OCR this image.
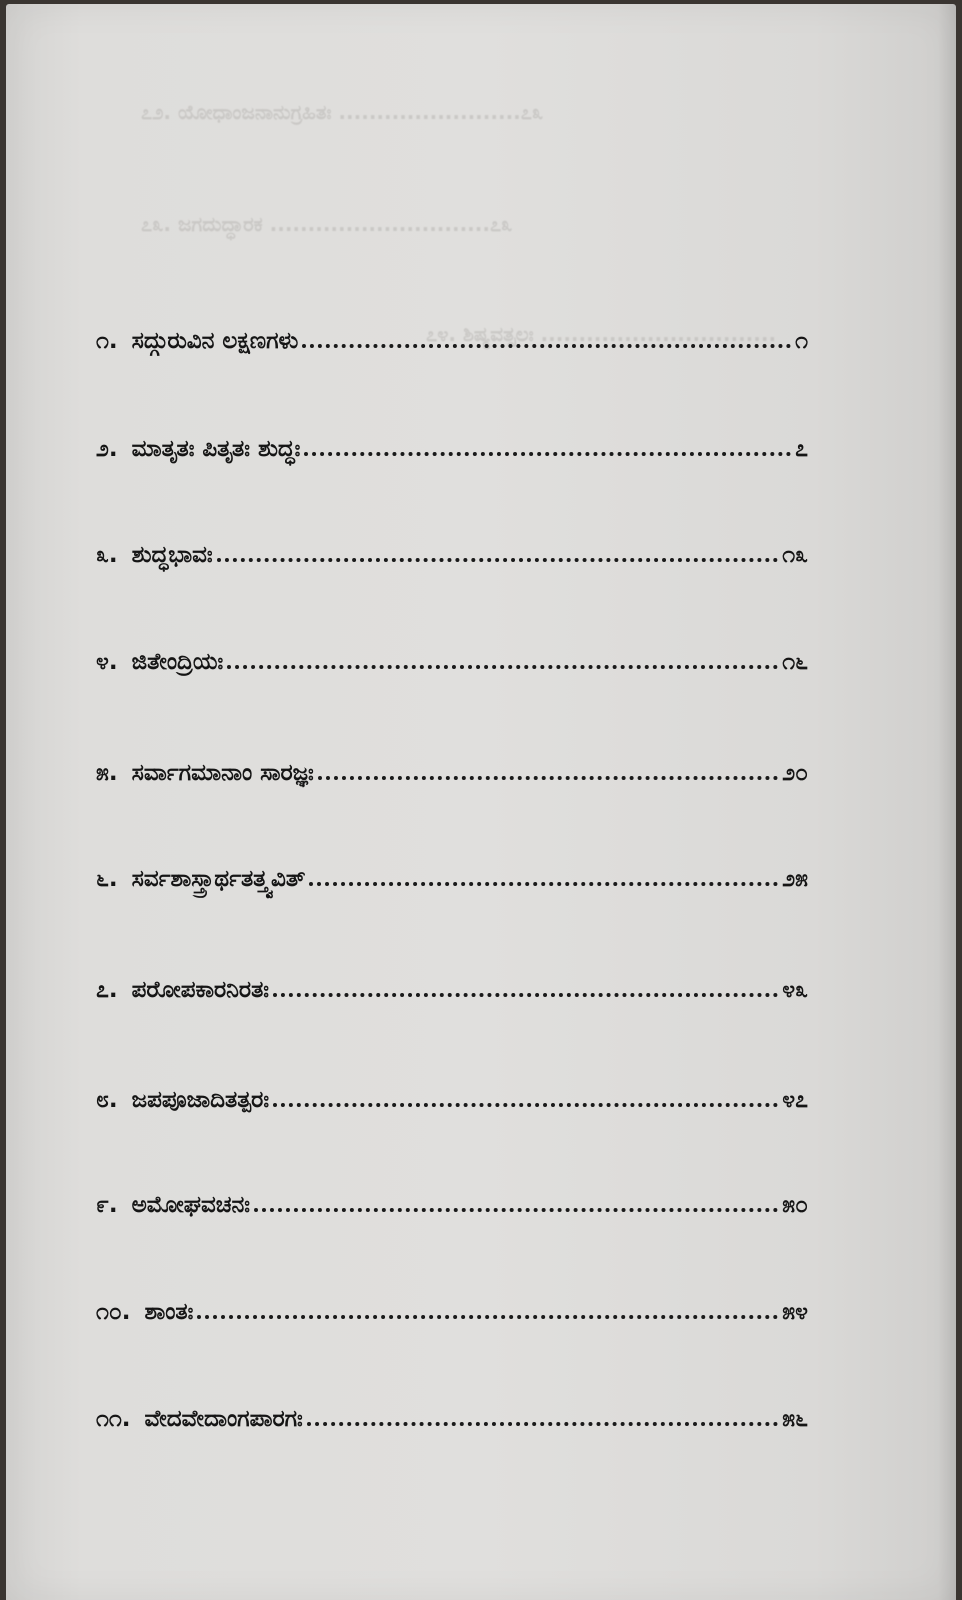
೭೨. ಯೋಧಾಂಜನಾನುಗ್ರಹಿತಃ ........................೭೩
೭೩. ಜಗದುದ್ಧಾರಕ .............................೭೩
೭೪. ಶಿಷ್ಯವತ್ಸಲಃ ...............................
೧. ಸದ್ಗುರುವಿನ ಲಕ್ಷಣಗಳು	೧
೨. ಮಾತೃತಃ ಪಿತೃತಃ ಶುದ್ಧಃ	೭
೩. ಶುದ್ಧಭಾವಃ	೧೩
೪. ಜಿತೇಂದ್ರಿಯಃ	೧೬
೫. ಸರ್ವಾಗಮಾನಾಂ ಸಾರಜ್ಞಃ	೨೦
೬. ಸರ್ವಶಾಸ್ತ್ರಾರ್ಥತತ್ತ್ವವಿತ್	೨೫
೭. ಪರೋಪಕಾರನಿರತಃ	೪೩
೮. ಜಪಪೂಜಾದಿತತ್ಪರಃ	೪೭
೯. ಅಮೋಘವಚನಃ	೫೦
೧೦. ಶಾಂತಃ	೫೪
೧೧. ವೇದವೇದಾಂಗಪಾರಗಃ	೫೬
